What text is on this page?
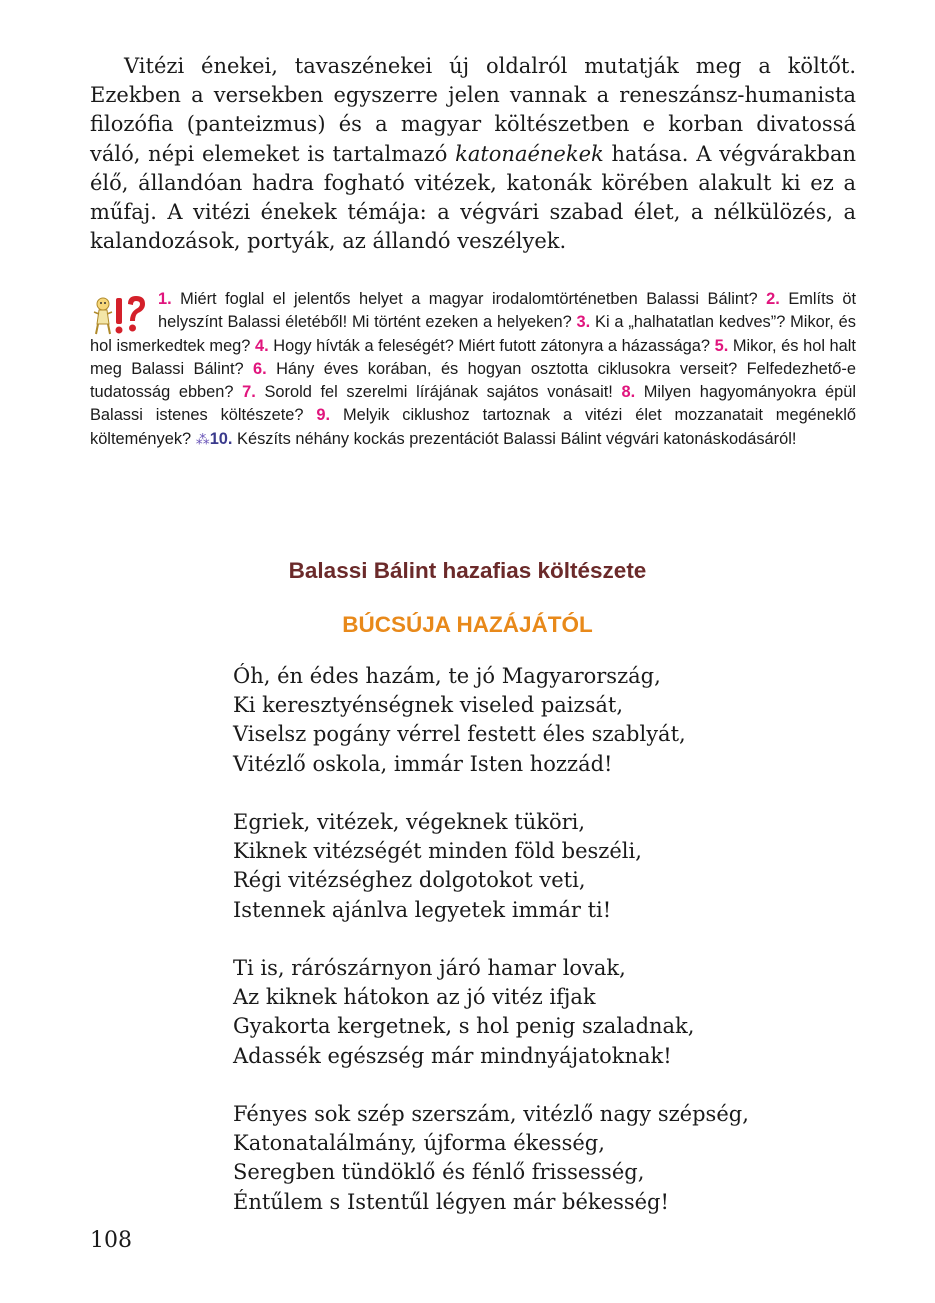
Vitézi énekei, tavaszénekei új oldalról mutatják meg a költőt. Ezekben a versekben egyszerre jelen vannak a reneszánsz-humanista filozófia (panteizmus) és a magyar költészetben e korban divatossá váló, népi elemeket is tartalmazó katonaénekek hatása. A végvárakban élő, állandóan hadra fogható vitézek, katonák körében alakult ki ez a műfaj. A vitézi énekek témája: a végvári szabad élet, a nélkülözés, a kalandozások, portyák, az állandó veszélyek.
1. Miért foglal el jelentős helyet a magyar irodalomtörténetben Balassi Bálint? 2. Említs öt helyszínt Balassi életéből! Mi történt ezeken a helyeken? 3. Ki a „halhatatlan kedves”? Mikor, és hol ismerkedtek meg? 4. Hogy hívták a feleségét? Miért futott zátonyra a házassága? 5. Mikor, és hol halt meg Balassi Bálint? 6. Hány éves korában, és hogyan osztotta ciklusokra verseit? Felfedezhető-e tudatosság ebben? 7. Sorold fel szerelmi lírájának sajátos vonásait! 8. Milyen hagyományokra épül Balassi istenes költészete? 9. Melyik ciklushoz tartoznak a vitézi élet mozzanatait megéneklő költemények? ⁂10. Készíts néhány kockás prezentációt Balassi Bálint végvári katonáskodásáról!
Balassi Bálint hazafias költészete
BÚCSÚJA HAZÁJÁTÓL
Óh, én édes hazám, te jó Magyarország,
Ki keresztyénségnek viseled paizsát,
Viselsz pogány vérrel festett éles szablyát,
Vitézlő oskola, immár Isten hozzád!
Egriek, vitézek, végeknek tüköri,
Kiknek vitézségét minden föld beszéli,
Régi vitézséghez dolgotokot veti,
Istennek ajánlva legyetek immár ti!
Ti is, rárószárnyon járó hamar lovak,
Az kiknek hátokon az jó vitéz ifjak
Gyakorta kergetnek, s hol penig szaladnak,
Adassék egészség már mindnyájatoknak!
Fényes sok szép szerszám, vitézlő nagy szépség,
Katonatalálmány, újforma ékesség,
Seregben tündöklő és fénlő frissesség,
Éntűlem s Istentűl légyen már békesség!
108
